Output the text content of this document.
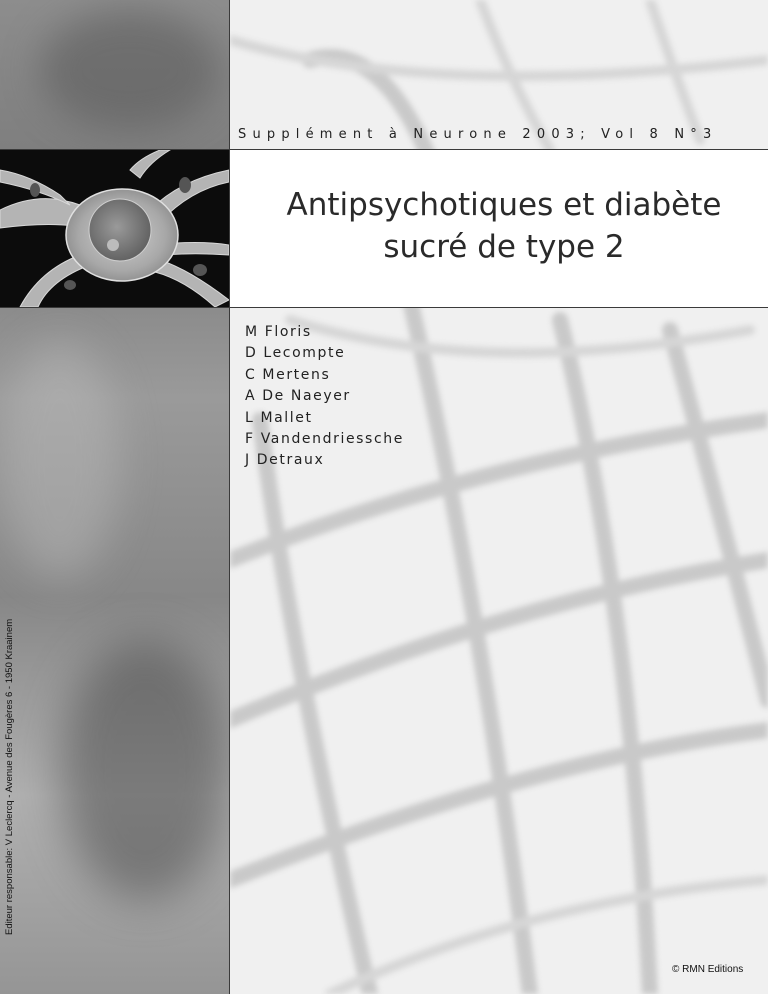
Supplément à Neurone 2003; Vol 8 N°3
Antipsychotiques et diabète
sucré de type 2
M Floris
D Lecompte
C Mertens
A De Naeyer
L Mallet
F Vandendriessche
J Detraux
Editeur responsable: V Leclercq - Avenue des Fougères 6 - 1950 Kraainem
© RMN Editions
